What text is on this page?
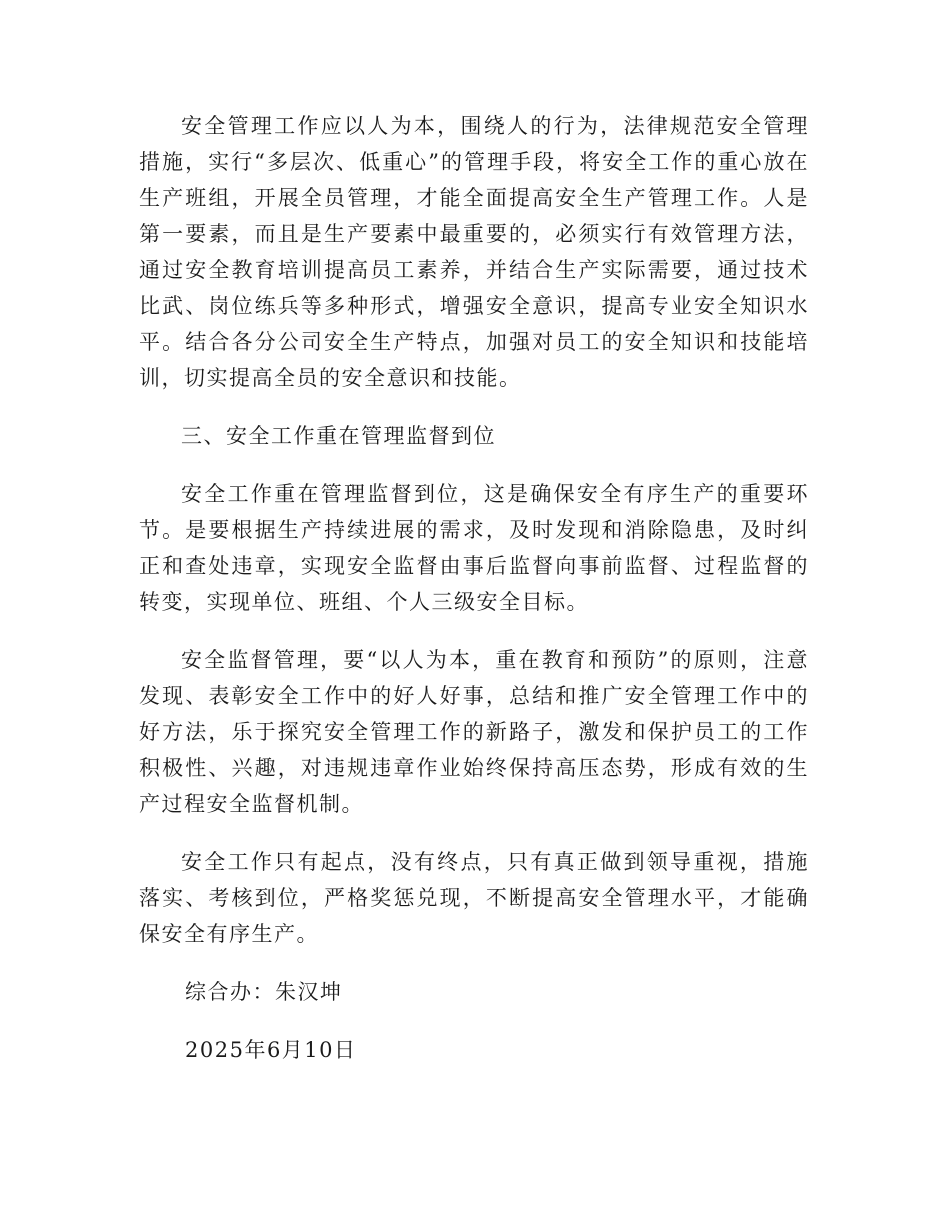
安全管理工作应以人为本，围绕人的行为，法律规范安全管理措施，实行“多层次、低重心”的管理手段，将安全工作的重心放在生产班组，开展全员管理，才能全面提高安全生产管理工作。人是第一要素，而且是生产要素中最重要的，必须实行有效管理方法，通过安全教育培训提高员工素养，并结合生产实际需要，通过技术比武、岗位练兵等多种形式，增强安全意识，提高专业安全知识水平。结合各分公司安全生产特点，加强对员工的安全知识和技能培训，切实提高全员的安全意识和技能。

三、安全工作重在管理监督到位

安全工作重在管理监督到位，这是确保安全有序生产的重要环节。是要根据生产持续进展的需求，及时发现和消除隐患，及时纠正和查处违章，实现安全监督由事后监督向事前监督、过程监督的转变，实现单位、班组、个人三级安全目标。

安全监督管理，要“以人为本，重在教育和预防”的原则，注意发现、表彰安全工作中的好人好事，总结和推广安全管理工作中的好方法，乐于探究安全管理工作的新路子，激发和保护员工的工作积极性、兴趣，对违规违章作业始终保持高压态势，形成有效的生产过程安全监督机制。

安全工作只有起点，没有终点，只有真正做到领导重视，措施落实、考核到位，严格奖惩兑现，不断提高安全管理水平，才能确保安全有序生产。

综合办：朱汉坤

2025年6月10日
